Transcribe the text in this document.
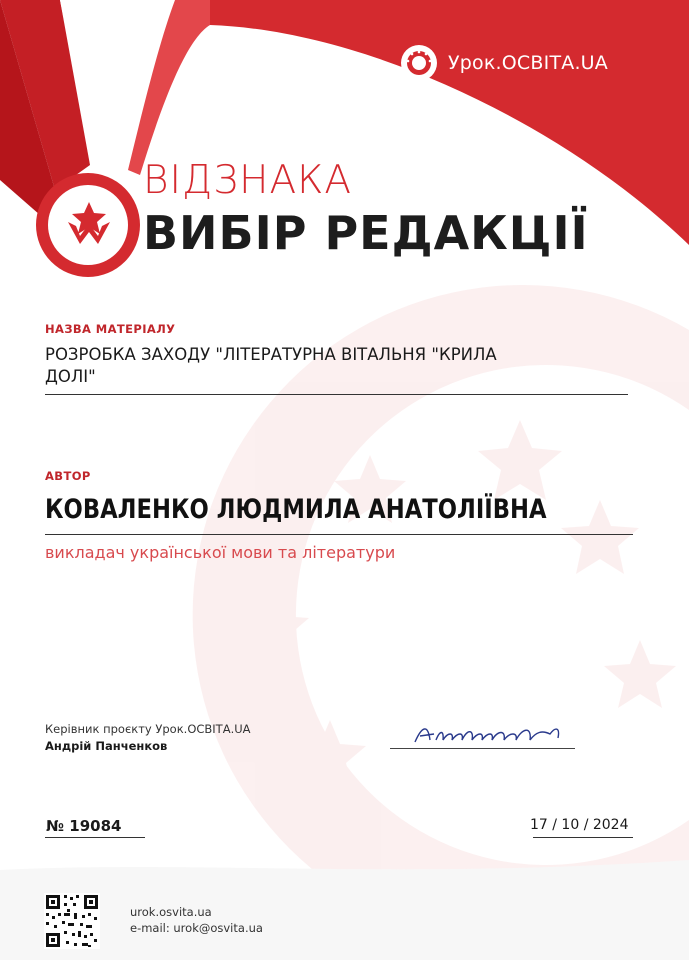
Урок.ОСВІТА.UA
ВІДЗНАКА
ВИБІР РЕДАКЦІЇ
НАЗВА МАТЕРІАЛУ
РОЗРОБКА ЗАХОДУ "ЛІТЕРАТУРНА ВІТАЛЬНЯ "КРИЛА
ДОЛІ"
АВТОР
КОВАЛЕНКО ЛЮДМИЛА АНАТОЛІЇВНА
викладач української мови та літератури
Керівник проєкту Урок.ОСВІТА.UA
Андрій Панченков
№ 19084	17 / 10 / 2024
urok.osvita.ua
e-mail: urok@osvita.ua
